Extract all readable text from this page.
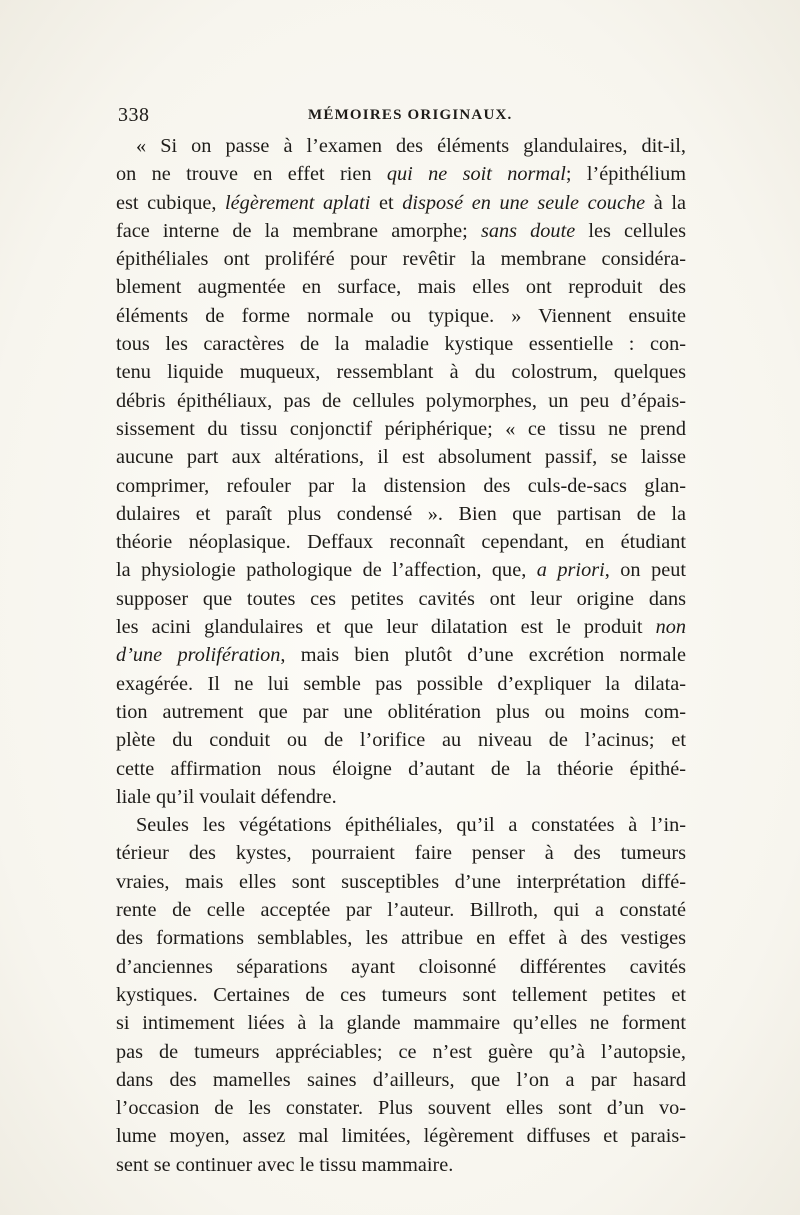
338	MÉMOIRES ORIGINAUX.
« Si on passe à l’examen des éléments glandulaires, dit-il,
on ne trouve en effet rien qui ne soit normal; l’épithélium
est cubique, légèrement aplati et disposé en une seule couche à la
face interne de la membrane amorphe; sans doute les cellules
épithéliales ont proliféré pour revêtir la membrane considéra-
blement augmentée en surface, mais elles ont reproduit des
éléments de forme normale ou typique. » Viennent ensuite
tous les caractères de la maladie kystique essentielle : con-
tenu liquide muqueux, ressemblant à du colostrum, quelques
débris épithéliaux, pas de cellules polymorphes, un peu d’épais-
sissement du tissu conjonctif périphérique; « ce tissu ne prend
aucune part aux altérations, il est absolument passif, se laisse
comprimer, refouler par la distension des culs-de-sacs glan-
dulaires et paraît plus condensé ». Bien que partisan de la
théorie néoplasique. Deffaux reconnaît cependant, en étudiant
la physiologie pathologique de l’affection, que, a priori, on peut
supposer que toutes ces petites cavités ont leur origine dans
les acini glandulaires et que leur dilatation est le produit non
d’une prolifération, mais bien plutôt d’une excrétion normale
exagérée. Il ne lui semble pas possible d’expliquer la dilata-
tion autrement que par une oblitération plus ou moins com-
plète du conduit ou de l’orifice au niveau de l’acinus; et
cette affirmation nous éloigne d’autant de la théorie épithé-
liale qu’il voulait défendre.
Seules les végétations épithéliales, qu’il a constatées à l’in-
térieur des kystes, pourraient faire penser à des tumeurs
vraies, mais elles sont susceptibles d’une interprétation diffé-
rente de celle acceptée par l’auteur. Billroth, qui a constaté
des formations semblables, les attribue en effet à des vestiges
d’anciennes séparations ayant cloisonné différentes cavités
kystiques. Certaines de ces tumeurs sont tellement petites et
si intimement liées à la glande mammaire qu’elles ne forment
pas de tumeurs appréciables; ce n’est guère qu’à l’autopsie,
dans des mamelles saines d’ailleurs, que l’on a par hasard
l’occasion de les constater. Plus souvent elles sont d’un vo-
lume moyen, assez mal limitées, légèrement diffuses et parais-
sent se continuer avec le tissu mammaire.
